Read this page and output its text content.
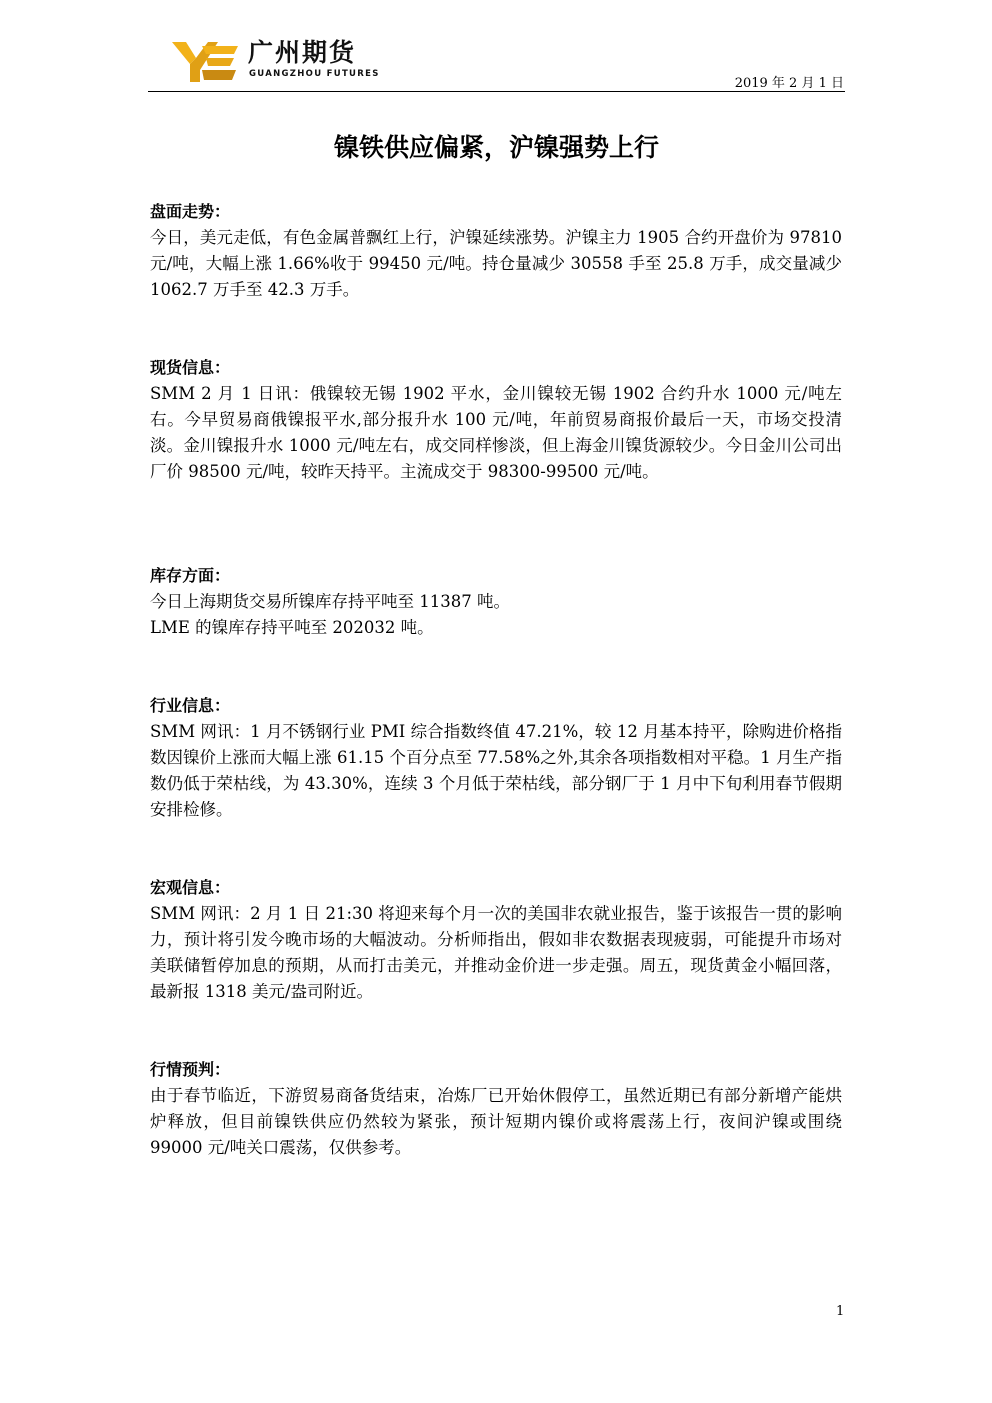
广州期货
GUANGZHOU FUTURES
2019 年 2 月 1 日
镍铁供应偏紧，沪镍强势上行
盘面走势：

今日，美元走低，有色金属普飘红上行，沪镍延续涨势。沪镍主力 1905 合约开盘价为 97810 元/吨，大幅上涨 1.66%收于 99450 元/吨。持仓量减少 30558 手至 25.8 万手，成交量减少 1062.7 万手至 42.3 万手。

现货信息：

SMM 2 月 1 日讯：俄镍较无锡 1902 平水，金川镍较无锡 1902 合约升水 1000 元/吨左右。今早贸易商俄镍报平水,部分报升水 100 元/吨，年前贸易商报价最后一天，市场交投清淡。金川镍报升水 1000 元/吨左右，成交同样惨淡，但上海金川镍货源较少。今日金川公司出厂价 98500 元/吨，较昨天持平。主流成交于 98300-99500 元/吨。

库存方面：
今日上海期货交易所镍库存持平吨至 11387 吨。
LME 的镍库存持平吨至 202032 吨。
行业信息：

SMM 网讯：1 月不锈钢行业 PMI 综合指数终值 47.21%，较 12 月基本持平，除购进价格指数因镍价上涨而大幅上涨 61.15 个百分点至 77.58%之外,其余各项指数相对平稳。1 月生产指数仍低于荣枯线，为 43.30%，连续 3 个月低于荣枯线，部分钢厂于 1 月中下旬利用春节假期安排检修。

宏观信息：

SMM 网讯：2 月 1 日 21:30 将迎来每个月一次的美国非农就业报告，鉴于该报告一贯的影响力，预计将引发今晚市场的大幅波动。分析师指出，假如非农数据表现疲弱，可能提升市场对美联储暂停加息的预期，从而打击美元，并推动金价进一步走强。周五，现货黄金小幅回落，最新报 1318 美元/盎司附近。

行情预判：

由于春节临近，下游贸易商备货结束，冶炼厂已开始休假停工，虽然近期已有部分新增产能烘炉释放，但目前镍铁供应仍然较为紧张，预计短期内镍价或将震荡上行，夜间沪镍或围绕 99000 元/吨关口震荡，仅供参考。

1
